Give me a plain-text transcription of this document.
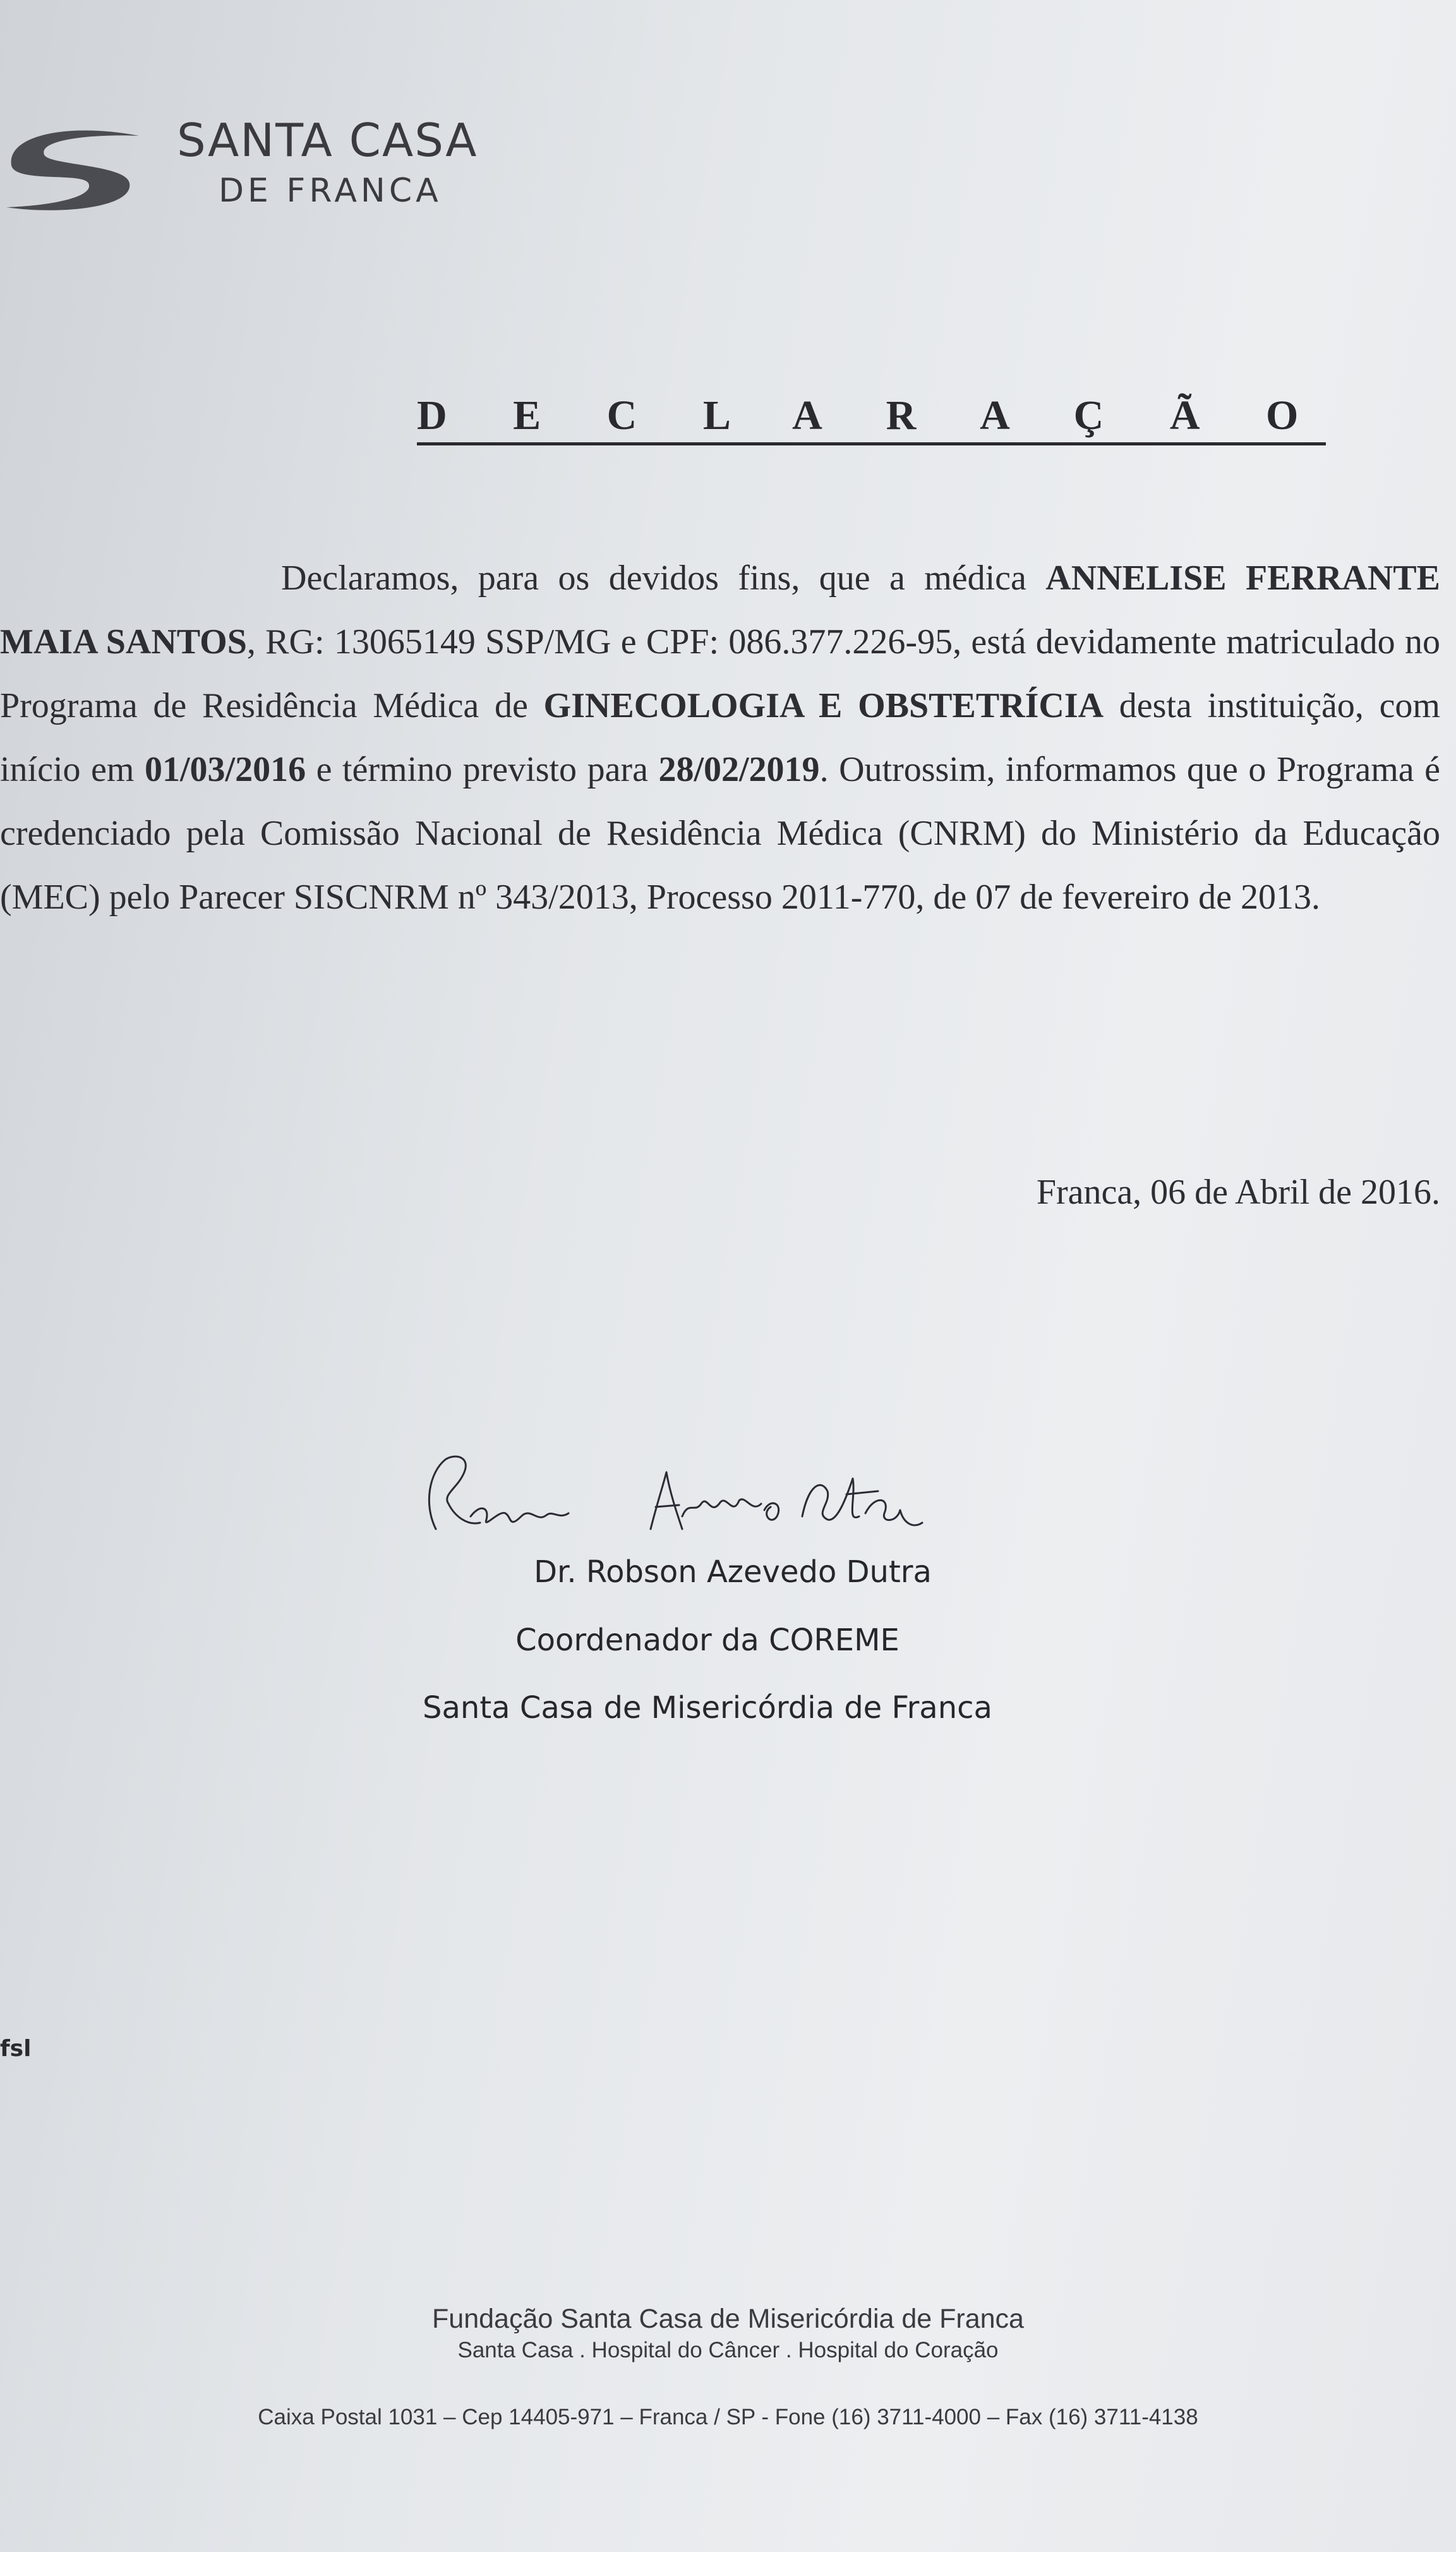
SANTA CASA
DE FRANCA
D E C L A R A Ç Ã O

Declaramos, para os devidos fins, que a médica ANNELISE FERRANTE MAIA SANTOS, RG: 13065149 SSP/MG e CPF: 086.377.226-95, está devidamente matriculado no Programa de Residência Médica de GINECOLOGIA E OBSTETRÍCIA desta instituição, com início em 01/03/2016 e término previsto para 28/02/2019. Outrossim, informamos que o Programa é credenciado pela Comissão Nacional de Residência Médica (CNRM) do Ministério da Educação (MEC) pelo Parecer SISCNRM nº 343/2013, Processo 2011-770, de 07 de fevereiro de 2013.

Franca, 06 de Abril de 2016.
Dr. Robson Azevedo Dutra
Coordenador da COREME
Santa Casa de Misericórdia de Franca
fsl
Fundação Santa Casa de Misericórdia de Franca
Santa Casa . Hospital do Câncer . Hospital do Coração
Caixa Postal 1031 – Cep 14405-971 – Franca / SP - Fone (16) 3711-4000 – Fax (16) 3711-4138
